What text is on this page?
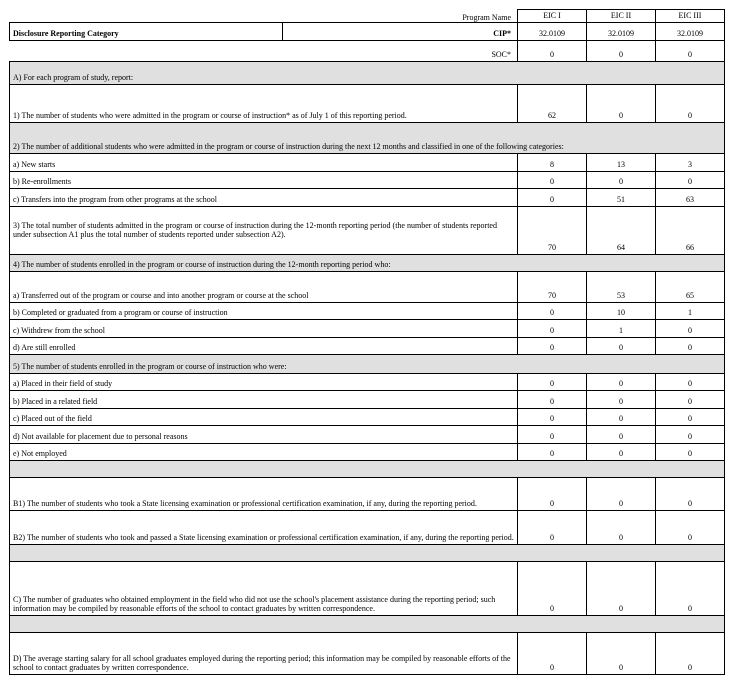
	Program Name	EIC I	EIC II	EIC III
Disclosure Reporting Category	CIP*	32.0109	32.0109	32.0109
SOC*		0	0	0
A) For each program of study, report:				
1) The number of students who were admitted in the program or course of instruction* as of July 1 of this reporting period.		62	0	0
2) The number of additional students who were admitted in the program or course of instruction during the next 12 months and classified in one of the following categories:				
a) New starts		8	13	3
b) Re-enrollments		0	0	0
c) Transfers into the program from other programs at the school		0	51	63
3) The total number of students admitted in the program or course of instruction during the 12-month reporting period (the number of students reported under subsection A1 plus the total number of students reported under subsection A2).		70	64	66
4) The number of students enrolled in the program or course of instruction during the 12-month reporting period who:				
a) Transferred out of the program or course and into another program or course at the school		70	53	65
b) Completed or graduated from a program or course of instruction		0	10	1
c) Withdrew from the school		0	1	0
d) Are still enrolled		0	0	0
5) The number of students enrolled in the program or course of instruction who were:				
a) Placed in their field of study		0	0	0
b) Placed in a related field		0	0	0
c) Placed out of the field		0	0	0
d) Not available for placement due to personal reasons		0	0	0
e) Not employed		0	0	0

B1) The number of students who took a State licensing examination or professional certification examination, if any, during the reporting period.		0	0	0
B2) The number of students who took and passed a State licensing examination or professional certification examination, if any, during the reporting period.		0	0	0

C) The number of graduates who obtained employment in the field who did not use the school's placement assistance during the reporting period; such information may be compiled by reasonable efforts of the school to contact graduates by written correspondence.		0	0	0

D) The average starting salary for all school graduates employed during the reporting period; this information may be compiled by reasonable efforts of the school to contact graduates by written correspondence.		0	0	0
